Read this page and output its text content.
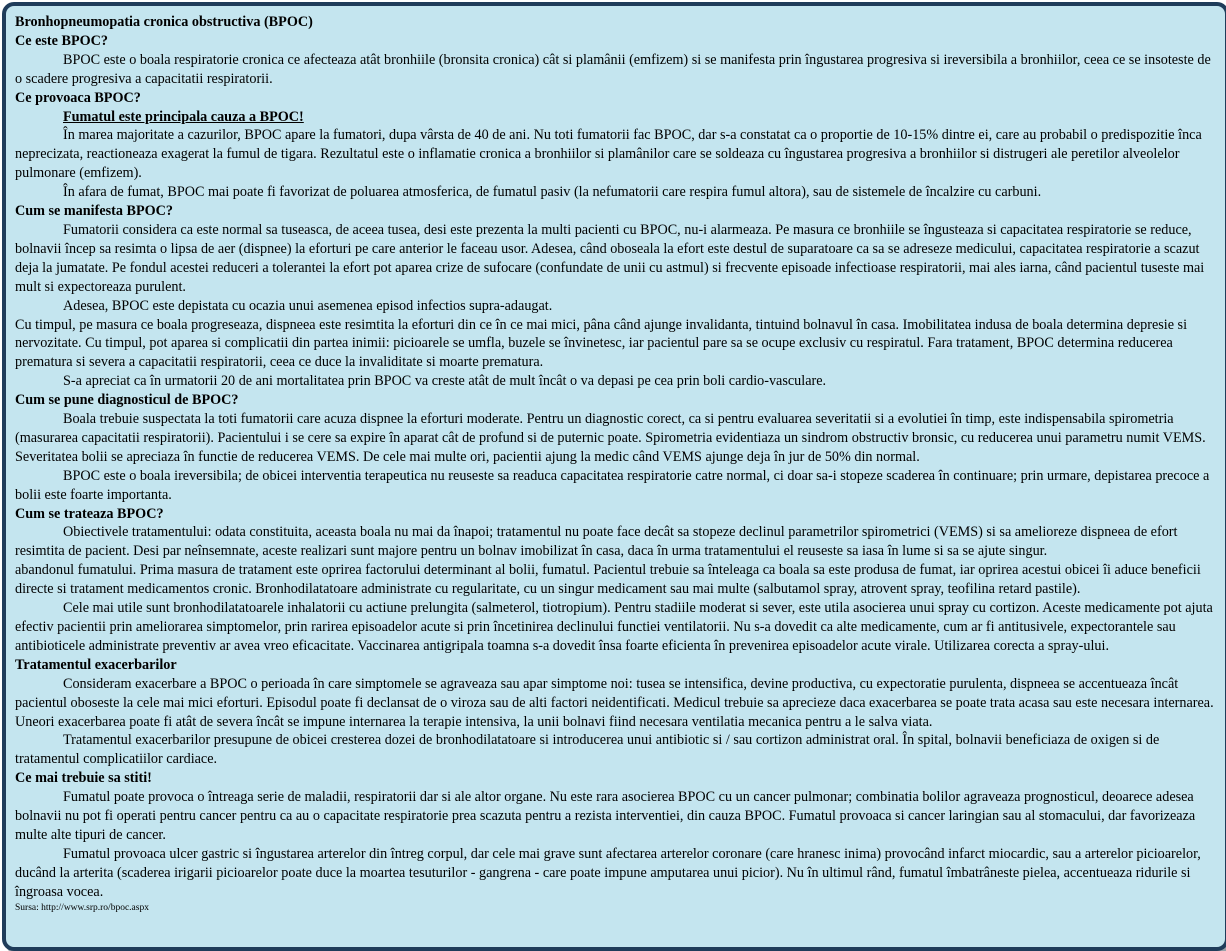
Bronhopneumopatia cronica obstructiva (BPOC)

Ce este BPOC?

BPOC este o boala respiratorie cronica ce afecteaza atât bronhiile (bronsita cronica) cât si plamânii (emfizem) si se manifesta prin îngustarea progresiva si ireversibila a bronhiilor, ceea ce se insoteste de o scadere progresiva a capacitatii respiratorii.

Ce provoaca BPOC?

Fumatul este principala cauza a BPOC!

În marea majoritate a cazurilor, BPOC apare la fumatori, dupa vârsta de 40 de ani. Nu toti fumatorii fac BPOC, dar s-a constatat ca o proportie de 10-15% dintre ei, care au probabil o predispozitie înca neprecizata, reactioneaza exagerat la fumul de tigara. Rezultatul este o inflamatie cronica a bronhiilor si plamânilor care se soldeaza cu îngustarea progresiva a bronhiilor si distrugeri ale peretilor alveolelor pulmonare (emfizem).

În afara de fumat, BPOC mai poate fi favorizat de poluarea atmosferica, de fumatul pasiv (la nefumatorii care respira fumul altora), sau de sistemele de încalzire cu carbuni.

Cum se manifesta BPOC?

Fumatorii considera ca este normal sa tuseasca, de aceea tusea, desi este prezenta la multi pacienti cu BPOC, nu-i alarmeaza. Pe masura ce bronhiile se îngusteaza si capacitatea respiratorie se reduce, bolnavii încep sa resimta o lipsa de aer (dispnee) la eforturi pe care anterior le faceau usor. Adesea, când oboseala la efort este destul de suparatoare ca sa se adreseze medicului, capacitatea respiratorie a scazut deja la jumatate. Pe fondul acestei reduceri a tolerantei la efort pot aparea crize de sufocare (confundate de unii cu astmul) si frecvente episoade infectioase respiratorii, mai ales iarna, când pacientul tuseste mai mult si expectoreaza purulent.

Adesea, BPOC este depistata cu ocazia unui asemenea episod infectios supra-adaugat.

Cu timpul, pe masura ce boala progreseaza, dispneea este resimtita la eforturi din ce în ce mai mici, pâna când ajunge invalidanta, tintuind bolnavul în casa. Imobilitatea indusa de boala determina depresie si nervozitate. Cu timpul, pot aparea si complicatii din partea inimii: picioarele se umfla, buzele se învinetesc, iar pacientul pare sa se ocupe exclusiv cu respiratul. Fara tratament, BPOC determina reducerea prematura si severa a capacitatii respiratorii, ceea ce duce la invaliditate si moarte prematura.

S-a apreciat ca în urmatorii 20 de ani mortalitatea prin BPOC va creste atât de mult încât o va depasi pe cea prin boli cardio-vasculare.

Cum se pune diagnosticul de BPOC?

Boala trebuie suspectata la toti fumatorii care acuza dispnee la eforturi moderate. Pentru un diagnostic corect, ca si pentru evaluarea severitatii si a evolutiei în timp, este indispensabila spirometria (masurarea capacitatii respiratorii). Pacientului i se cere sa expire în aparat cât de profund si de puternic poate. Spirometria evidentiaza un sindrom obstructiv bronsic, cu reducerea unui parametru numit VEMS. Severitatea bolii se apreciaza în functie de reducerea VEMS. De cele mai multe ori, pacientii ajung la medic când VEMS ajunge deja în jur de 50% din normal.

BPOC este o boala ireversibila; de obicei interventia terapeutica nu reuseste sa readuca capacitatea respiratorie catre normal, ci doar sa-i stopeze scaderea în continuare; prin urmare, depistarea precoce a bolii este foarte importanta.

Cum se trateaza BPOC?

Obiectivele tratamentului: odata constituita, aceasta boala nu mai da înapoi; tratamentul nu poate face decât sa stopeze declinul parametrilor spirometrici (VEMS) si sa amelioreze dispneea de efort resimtita de pacient. Desi par neînsemnate, aceste realizari sunt majore pentru un bolnav imobilizat în casa, daca în urma tratamentului el reuseste sa iasa în lume si sa se ajute singur.

abandonul fumatului. Prima masura de tratament este oprirea factorului determinant al bolii, fumatul. Pacientul trebuie sa înteleaga ca boala sa este produsa de fumat, iar oprirea acestui obicei îi aduce beneficii directe si tratament medicamentos cronic. Bronhodilatatoare administrate cu regularitate, cu un singur medicament sau mai multe (salbutamol spray, atrovent spray, teofilina retard pastile).

Cele mai utile sunt bronhodilatatoarele inhalatorii cu actiune prelungita (salmeterol, tiotropium). Pentru stadiile moderat si sever, este utila asocierea unui spray cu cortizon. Aceste medicamente pot ajuta efectiv pacientii prin ameliorarea simptomelor, prin rarirea episoadelor acute si prin încetinirea declinului functiei ventilatorii. Nu s-a dovedit ca alte medicamente, cum ar fi antitusivele, expectorantele sau antibioticele administrate preventiv ar avea vreo eficacitate. Vaccinarea antigripala toamna s-a dovedit însa foarte eficienta în prevenirea episoadelor acute virale. Utilizarea corecta a spray-ului.

Tratamentul exacerbarilor

Consideram exacerbare a BPOC o perioada în care simptomele se agraveaza sau apar simptome noi: tusea se intensifica, devine productiva, cu expectoratie purulenta, dispneea se accentueaza încât pacientul oboseste la cele mai mici eforturi. Episodul poate fi declansat de o viroza sau de alti factori neidentificati. Medicul trebuie sa aprecieze daca exacerbarea se poate trata acasa sau este necesara internarea. Uneori exacerbarea poate fi atât de severa încât se impune internarea la terapie intensiva, la unii bolnavi fiind necesara ventilatia mecanica pentru a le salva viata.

Tratamentul exacerbarilor presupune de obicei cresterea dozei de bronhodilatatoare si introducerea unui antibiotic si / sau cortizon administrat oral. În spital, bolnavii beneficiaza de oxigen si de tratamentul complicatiilor cardiace.

Ce mai trebuie sa stiti!

Fumatul poate provoca o întreaga serie de maladii, respiratorii dar si ale altor organe. Nu este rara asocierea BPOC cu un cancer pulmonar; combinatia bolilor agraveaza prognosticul, deoarece adesea bolnavii nu pot fi operati pentru cancer pentru ca au o capacitate respiratorie prea scazuta pentru a rezista interventiei, din cauza BPOC. Fumatul provoaca si cancer laringian sau al stomacului, dar favorizeaza multe alte tipuri de cancer.

Fumatul provoaca ulcer gastric si îngustarea arterelor din întreg corpul, dar cele mai grave sunt afectarea arterelor coronare (care hranesc inima) provocând infarct miocardic, sau a arterelor picioarelor, ducând la arterita (scaderea irigarii picioarelor poate duce la moartea tesuturilor - gangrena - care poate impune amputarea unui picior). Nu în ultimul rând, fumatul îmbatrâneste pielea, accentueaza ridurile si îngroasa vocea.

Sursa: http://www.srp.ro/bpoc.aspx
